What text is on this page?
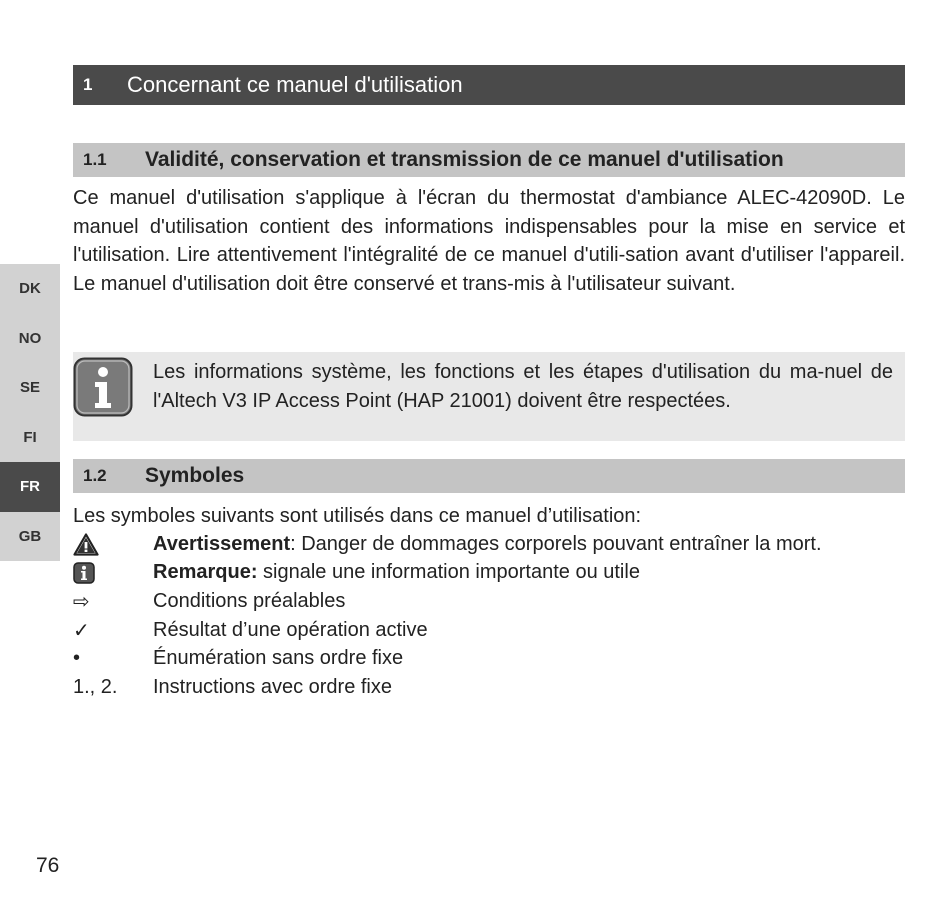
1	Concernant ce manuel d'utilisation
1.1	Validité, conservation et transmission de ce manuel d'utilisation

Ce manuel d'utilisation s'applique à l'écran du thermostat d'ambiance ALEC-42090D. Le manuel d'utilisation contient des informations indispensables pour la mise en service et l'utilisation. Lire attentivement l'intégralité de ce manuel d'utili-sation avant d'utiliser l'appareil. Le manuel d'utilisation doit être conservé et trans-mis à l'utilisateur suivant.

Les informations système, les fonctions et les étapes d'utilisation du ma-nuel de l'Altech V3 IP Access Point (HAP 21001) doivent être respectées.

1.2	Symboles

Les symboles suivants sont utilisés dans ce manuel d’utilisation:

Avertissement: Danger de dommages corporels pouvant entraîner la mort.
Remarque: signale une information importante ou utile
⇨	Conditions préalables
✓	Résultat d’une opération active
•	Énumération sans ordre fixe
1., 2.	Instructions avec ordre fixe
DK
NO
SE
FI
FR
GB
76
